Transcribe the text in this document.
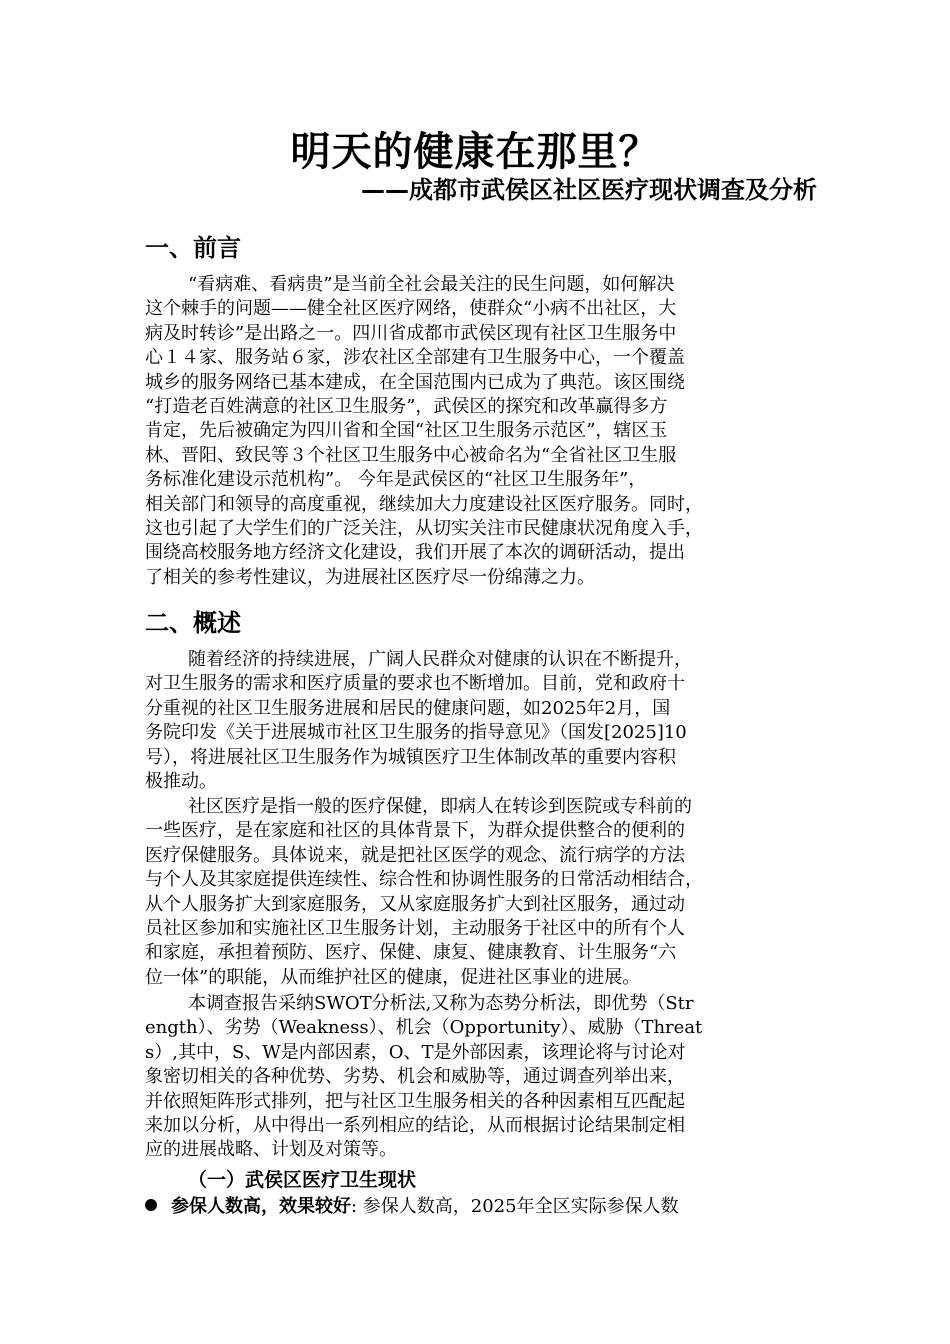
明天的健康在那里？
——成都市武侯区社区医疗现状调查及分析
一、前言
“看病难、看病贵”是当前全社会最关注的民生问题，如何解决
这个棘手的问题——健全社区医疗网络，使群众“小病不出社区，大
病及时转诊”是出路之一。四川省成都市武侯区现有社区卫生服务中
心１４家、服务站６家，涉农社区全部建有卫生服务中心，一个覆盖
城乡的服务网络已基本建成，在全国范围内已成为了典范。该区围绕
“打造老百姓满意的社区卫生服务”，武侯区的探究和改革赢得多方
肯定，先后被确定为四川省和全国“社区卫生服务示范区”，辖区玉
林、晋阳、致民等３个社区卫生服务中心被命名为“全省社区卫生服
务标准化建设示范机构”。 今年是武侯区的“社区卫生服务年”，
相关部门和领导的高度重视，继续加大力度建设社区医疗服务。同时，
这也引起了大学生们的广泛关注，从切实关注市民健康状况角度入手，
围绕高校服务地方经济文化建设，我们开展了本次的调研活动，提出
了相关的参考性建议，为进展社区医疗尽一份绵薄之力。
二、概述
随着经济的持续进展，广阔人民群众对健康的认识在不断提升，
对卫生服务的需求和医疗质量的要求也不断增加。目前，党和政府十
分重视的社区卫生服务进展和居民的健康问题，如2025年2月，国
务院印发《关于进展城市社区卫生服务的指导意见》（国发[2025]10
号），将进展社区卫生服务作为城镇医疗卫生体制改革的重要内容积
极推动。
社区医疗是指一般的医疗保健，即病人在转诊到医院或专科前的
一些医疗，是在家庭和社区的具体背景下，为群众提供整合的便利的
医疗保健服务。具体说来，就是把社区医学的观念、流行病学的方法
与个人及其家庭提供连续性、综合性和协调性服务的日常活动相结合，
从个人服务扩大到家庭服务，又从家庭服务扩大到社区服务，通过动
员社区参加和实施社区卫生服务计划，主动服务于社区中的所有个人
和家庭，承担着预防、医疗、保健、康复、健康教育、计生服务“六
位一体”的职能，从而维护社区的健康，促进社区事业的进展。
本调查报告采纳SWOT分析法,又称为态势分析法，即优势（Str
ength）、劣势（Weakness）、机会（Opportunity）、威胁（Threat
s）,其中，S、W是内部因素，O、T是外部因素，该理论将与讨论对
象密切相关的各种优势、劣势、机会和威胁等，通过调查列举出来，
并依照矩阵形式排列，把与社区卫生服务相关的各种因素相互匹配起
来加以分析，从中得出一系列相应的结论，从而根据讨论结果制定相
应的进展战略、计划及对策等。
（一）武侯区医疗卫生现状
参保人数高，效果较好: 参保人数高，2025年全区实际参保人数
